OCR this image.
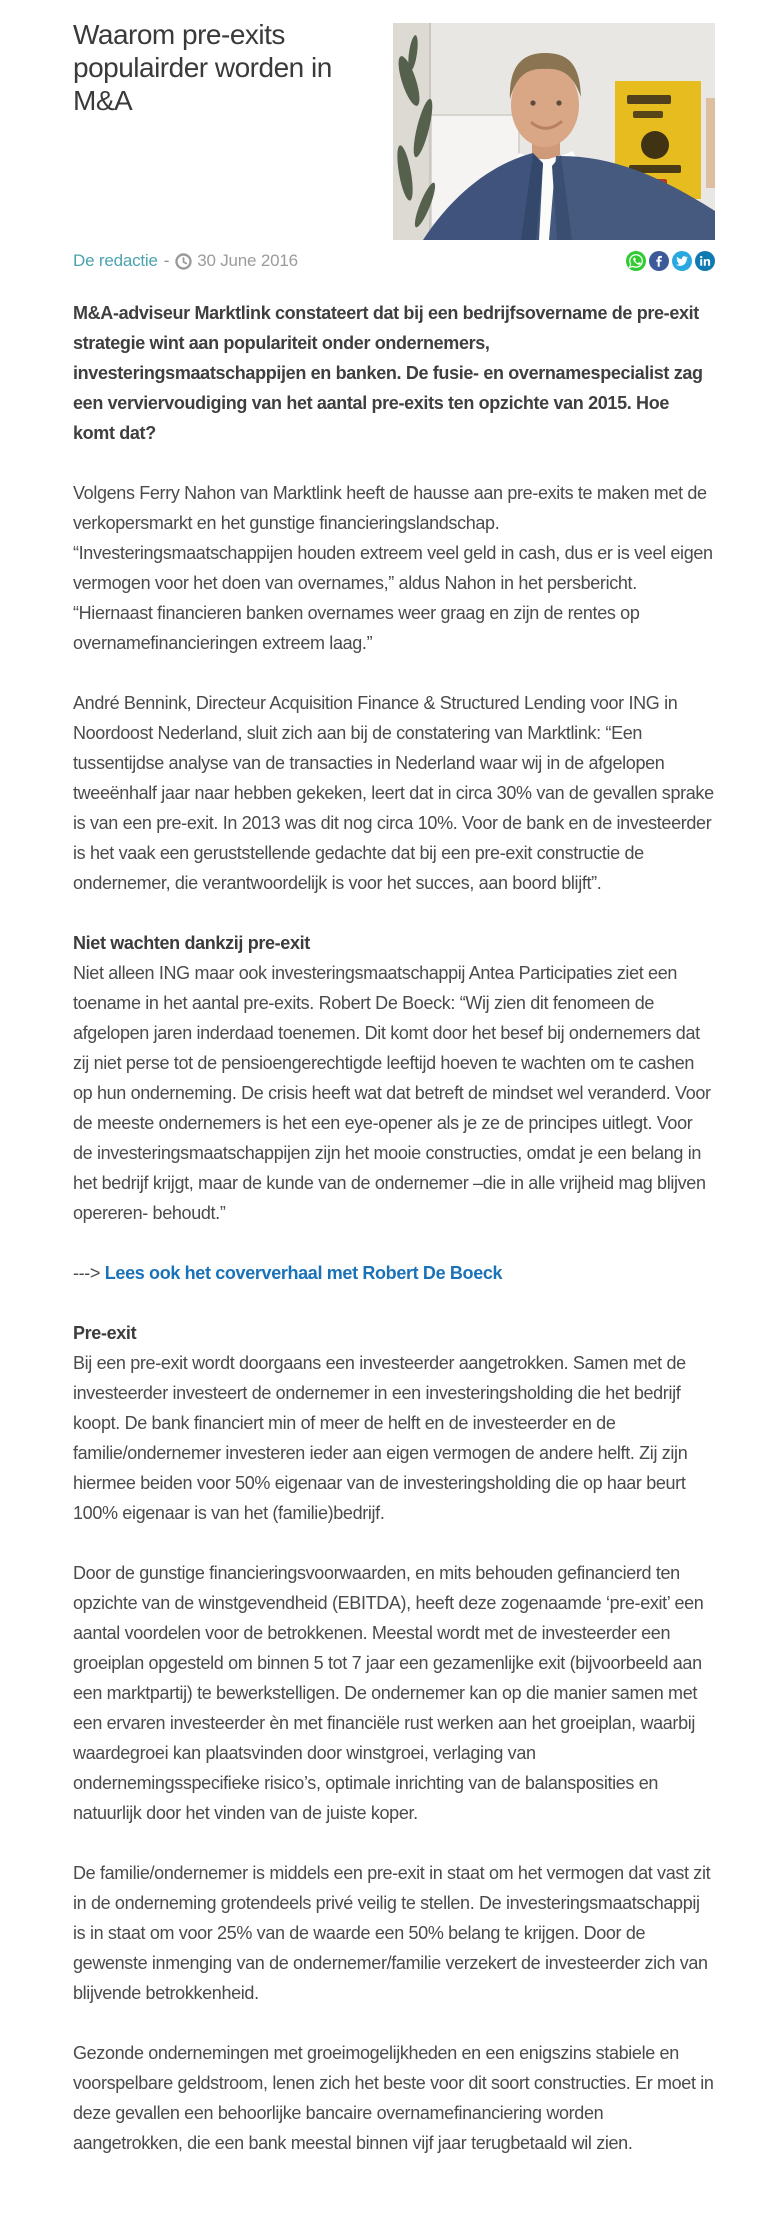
Waarom pre-exits populairder worden in M&A
De redactie - 30 June 2016

M&A-adviseur Marktlink constateert dat bij een bedrijfsovername de pre-exit strategie wint aan populariteit onder ondernemers, investeringsmaatschappijen en banken. De fusie- en overnamespecialist zag een verviervoudiging van het aantal pre-exits ten opzichte van 2015. Hoe komt dat?

Volgens Ferry Nahon van Marktlink heeft de hausse aan pre-exits te maken met de verkopersmarkt en het gunstige financieringslandschap. “Investeringsmaatschappijen houden extreem veel geld in cash, dus er is veel eigen vermogen voor het doen van overnames,” aldus Nahon in het persbericht. “Hiernaast financieren banken overnames weer graag en zijn de rentes op overnamefinancieringen extreem laag.”

André Bennink, Directeur Acquisition Finance & Structured Lending voor ING in Noordoost Nederland, sluit zich aan bij de constatering van Marktlink: “Een tussentijdse analyse van de transacties in Nederland waar wij in de afgelopen tweeënhalf jaar naar hebben gekeken, leert dat in circa 30% van de gevallen sprake is van een pre-exit. In 2013 was dit nog circa 10%. Voor de bank en de investeerder is het vaak een geruststellende gedachte dat bij een pre-exit constructie de ondernemer, die verantwoordelijk is voor het succes, aan boord blijft”.

Niet wachten dankzij pre-exit
Niet alleen ING maar ook investeringsmaatschappij Antea Participaties ziet een toename in het aantal pre-exits. Robert De Boeck: “Wij zien dit fenomeen de afgelopen jaren inderdaad toenemen. Dit komt door het besef bij ondernemers dat zij niet perse tot de pensioengerechtigde leeftijd hoeven te wachten om te cashen op hun onderneming. De crisis heeft wat dat betreft de mindset wel veranderd. Voor de meeste ondernemers is het een eye-opener als je ze de principes uitlegt. Voor de investeringsmaatschappijen zijn het mooie constructies, omdat je een belang in het bedrijf krijgt, maar de kunde van de ondernemer –die in alle vrijheid mag blijven opereren- behoudt.”

---> Lees ook het coververhaal met Robert De Boeck

Pre-exit
Bij een pre-exit wordt doorgaans een investeerder aangetrokken. Samen met de investeerder investeert de ondernemer in een investeringsholding die het bedrijf koopt. De bank financiert min of meer de helft en de investeerder en de familie/ondernemer investeren ieder aan eigen vermogen de andere helft. Zij zijn hiermee beiden voor 50% eigenaar van de investeringsholding die op haar beurt 100% eigenaar is van het (familie)bedrijf.

Door de gunstige financieringsvoorwaarden, en mits behouden gefinancierd ten opzichte van de winstgevendheid (EBITDA), heeft deze zogenaamde ‘pre-exit’ een aantal voordelen voor de betrokkenen. Meestal wordt met de investeerder een groeiplan opgesteld om binnen 5 tot 7 jaar een gezamenlijke exit (bijvoorbeeld aan een marktpartij) te bewerkstelligen. De ondernemer kan op die manier samen met een ervaren investeerder èn met financiële rust werken aan het groeiplan, waarbij waardegroei kan plaatsvinden door winstgroei, verlaging van ondernemingsspecifieke risico’s, optimale inrichting van de balansposities en natuurlijk door het vinden van de juiste koper.

De familie/ondernemer is middels een pre-exit in staat om het vermogen dat vast zit in de onderneming grotendeels privé veilig te stellen. De investeringsmaatschappij is in staat om voor 25% van de waarde een 50% belang te krijgen. Door de gewenste inmenging van de ondernemer/familie verzekert de investeerder zich van blijvende betrokkenheid.

Gezonde ondernemingen met groeimogelijkheden en een enigszins stabiele en voorspelbare geldstroom, lenen zich het beste voor dit soort constructies. Er moet in deze gevallen een behoorlijke bancaire overnamefinanciering worden aangetrokken, die een bank meestal binnen vijf jaar terugbetaald wil zien.
